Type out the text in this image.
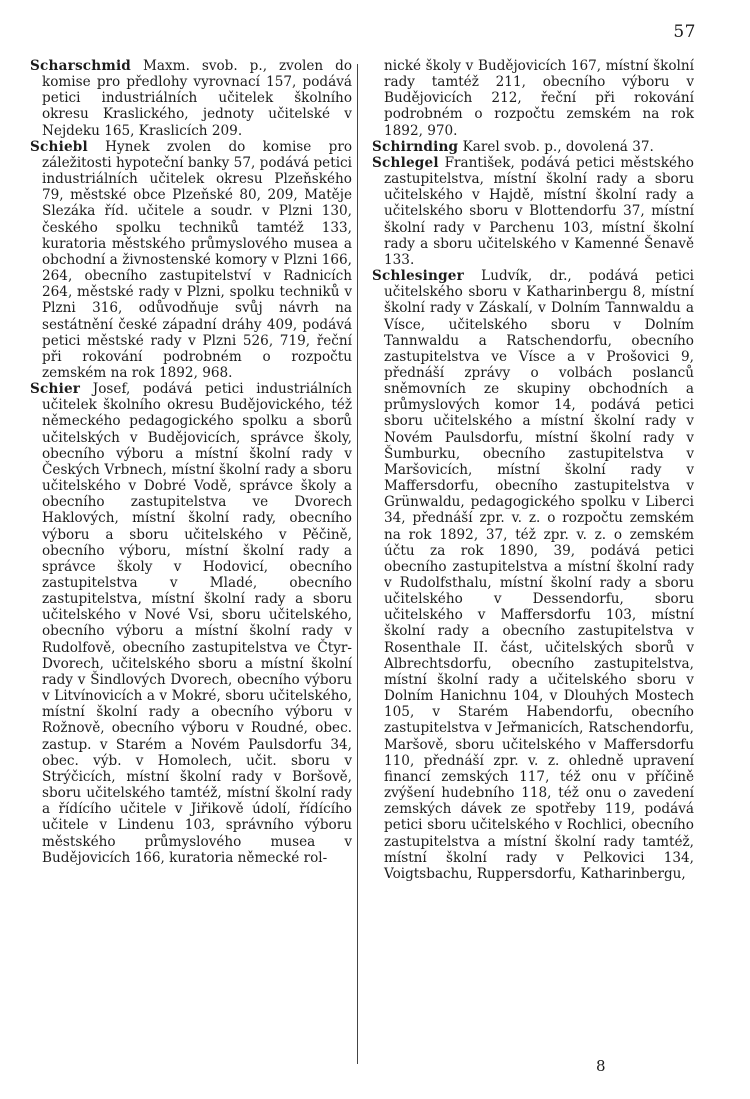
57

Scharschmid Maxm. svob. p., zvolen do komise pro předlohy vyrovnací 157, podává petici industriálních učitelek školního okresu Kraslického, jednoty učitelské v Nejdeku 165, Kraslicích 209.

Schiebl Hynek zvolen do komise pro záležitosti hypoteční banky 57, podává petici industriálních učitelek okresu Plzeňského 79, městské obce Plzeňské 80, 209, Matěje Slezáka říd. učitele a soudr. v Plzni 130, českého spolku techniků tamtéž 133, kuratoria městského průmyslového musea a obchodní a živnostenské komory v Plzni 166, 264, obecního zastupitelství v Radnicích 264, městské rady v Plzni, spolku techniků v Plzni 316, odůvodňuje svůj návrh na sestátnění české západní dráhy 409, podává petici městské rady v Plzni 526, 719, řeční při rokování podrobném o rozpočtu zemském na rok 1892, 968.

Schier Josef, podává petici industriálních učitelek školního okresu Budějovického, též německého pedagogického spolku a sborů učitelských v Budějovicích, správce školy, obecního výboru a místní školní rady v Českých Vrbnech, místní školní rady a sboru učitelského v Dobré Vodě, správce školy a obecního zastupitelstva ve Dvorech Haklových, místní školní rady, obecního výboru a sboru učitelského v Pěčině, obecního výboru, místní školní rady a správce školy v Hodovicí, obecního zastupitelstva v Mladé, obecního zastupitelstva, místní školní rady a sboru učitelského v Nové Vsi, sboru učitelského, obecního výboru a místní školní rady v Rudolfově, obecního zastupitelstva ve Čtyr-Dvorech, učitelského sboru a místní školní rady v Šindlových Dvorech, obecního výboru v Litvínovicích a v Mokré, sboru učitelského, místní školní rady a obecního výboru v Rožnově, obecního výboru v Roudné, obec. zastup. v Starém a Novém Paulsdorfu 34, obec. výb. v Homolech, učit. sboru v Strýčicích, místní školní rady v Boršově, sboru učitelského tamtéž, místní školní rady a řídícího učitele v Jiřikově údolí, řídícího učitele v Lindenu 103, správního výboru městského průmyslového musea v Budějovicích 166, kuratoria německé rol-

nické školy v Budějovicích 167, místní školní rady tamtéž 211, obecního výboru v Budějovicích 212, řeční při rokování podrobném o rozpočtu zemském na rok 1892, 970.

Schirnding Karel svob. p., dovolená 37.

Schlegel František, podává petici městského zastupitelstva, místní školní rady a sboru učitelského v Hajdě, místní školní rady a učitelského sboru v Blottendorfu 37, místní školní rady v Parchenu 103, místní školní rady a sboru učitelského v Kamenné Šenavě 133.

Schlesinger Ludvík, dr., podává petici učitelského sboru v Katharinbergu 8, místní školní rady v Záskalí, v Dolním Tannwaldu a Vísce, učitelského sboru v Dolním Tannwaldu a Ratschendorfu, obecního zastupitelstva ve Vísce a v Prošovici 9, přednáší zprávy o volbách poslanců sněmovních ze skupiny obchodních a průmyslových komor 14, podává petici sboru učitelského a místní školní rady v Novém Paulsdorfu, místní školní rady v Šumburku, obecního zastupitelstva v Maršovicích, místní školní rady v Maffersdorfu, obecního zastupitelstva v Grünwaldu, pedagogického spolku v Liberci 34, přednáší zpr. v. z. o rozpočtu zemském na rok 1892, 37, též zpr. v. z. o zemském účtu za rok 1890, 39, podává petici obecního zastupitelstva a místní školní rady v Rudolfsthalu, místní školní rady a sboru učitelského v Dessendorfu, sboru učitelského v Maffersdorfu 103, místní školní rady a obecního zastupitelstva v Rosenthale II. část, učitelských sborů v Albrechtsdorfu, obecního zastupitelstva, místní školní rady a učitelského sboru v Dolním Hanichnu 104, v Dlouhých Mostech 105, v Starém Habendorfu, obecního zastupitelstva v Jeřmanicích, Ratschendorfu, Maršově, sboru učitelského v Maffersdorfu 110, přednáší zpr. v. z. ohledně upravení financí zemských 117, též onu v příčině zvýšení hudebního 118, též onu o zavedení zemských dávek ze spotřeby 119, podává petici sboru učitelského v Rochlici, obecního zastupitelstva a místní školní rady tamtéž, místní školní rady v Pelkovici 134, Voigtsbachu, Ruppersdorfu, Katharinbergu,

8
